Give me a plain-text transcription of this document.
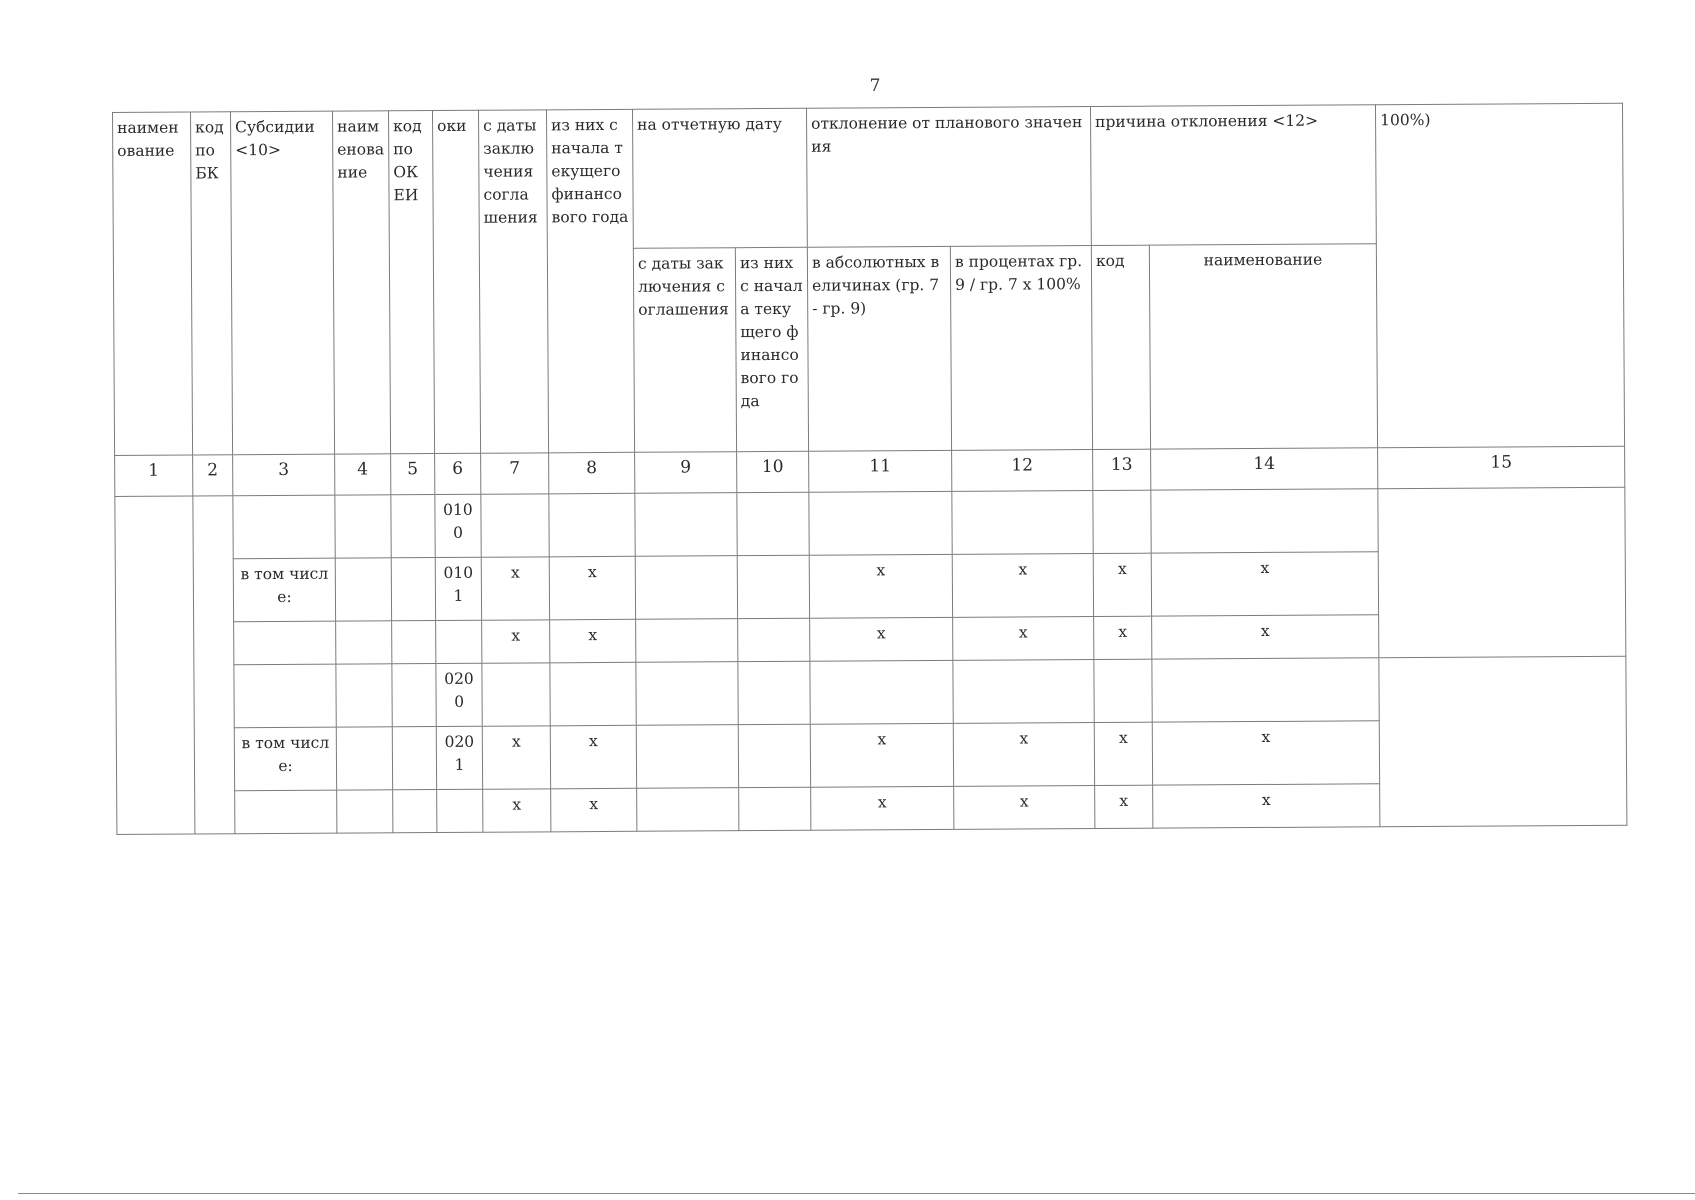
7
наименование	код по БК	Субсидии <10>	наименование	код по ОКЕИ	оки	с даты заключения соглашения	из них с начала текущего финансового года	на отчетную дату		отклонение от планового значения		причина отклонения <12>		100%)
								с даты заключения соглашения	из них с начала текущего финансового года	в абсолютных величинах (гр. 7 - гр. 9)	в процентах гр. 9 / гр. 7 x 100%	код	наименование	
1	2	3	4	5	6	7	8	9	10	11	12	13	14	15
					0100									
		в том числе:			0101	x	x			x	x	x	x	
						x	x			x	x	x	x	
					0200									
		в том числе:			0201	x	x			x	x	x	x	
						x	x			x	x	x	x	
